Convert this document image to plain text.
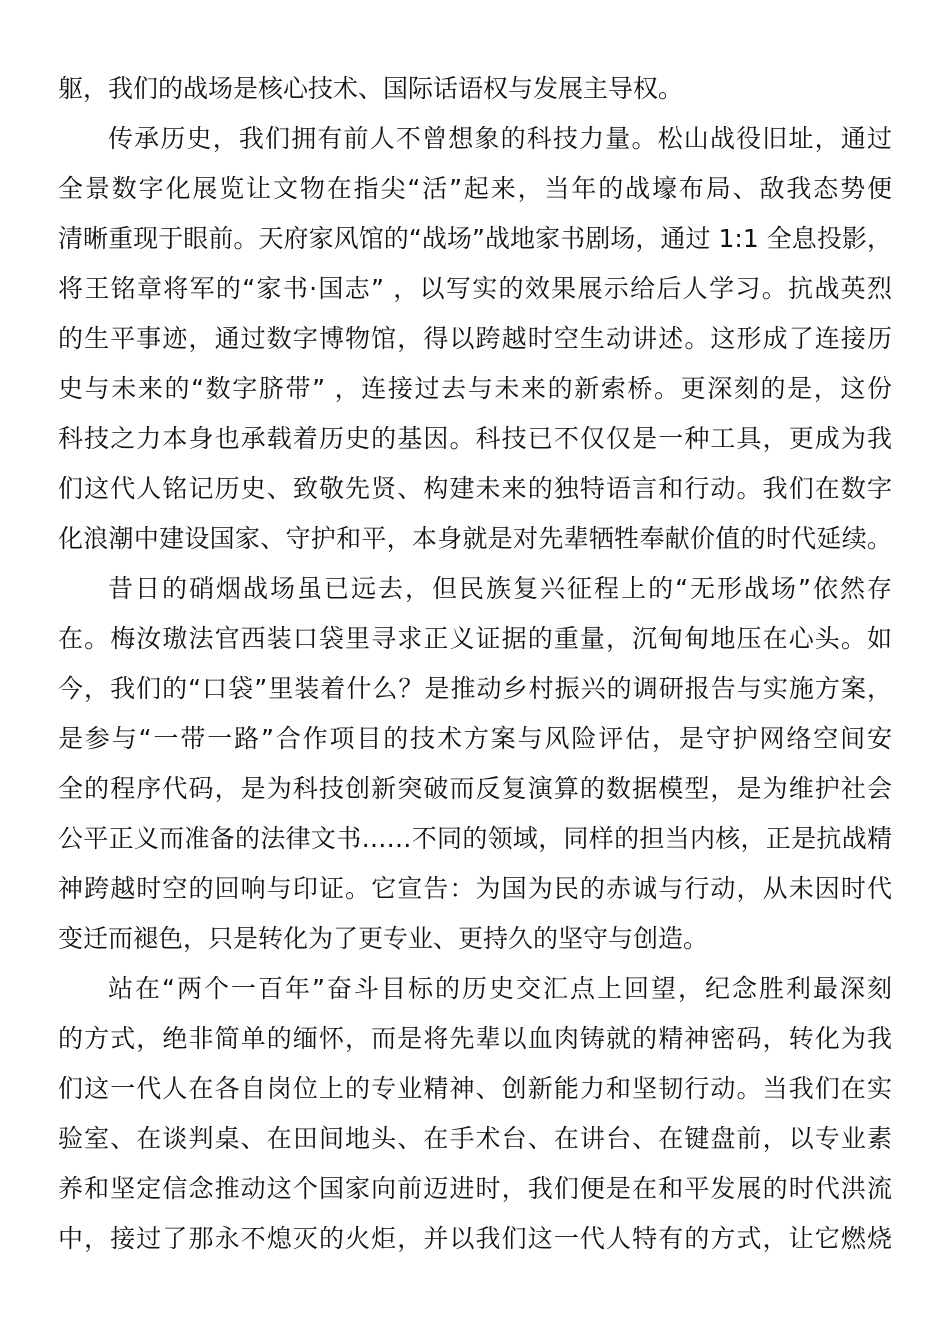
躯，我们的战场是核心技术、国际话语权与发展主导权。
传承历史，我们拥有前人不曾想象的科技力量。松山战役旧址，通过
全景数字化展览让文物在指尖“活”起来，当年的战壕布局、敌我态势便
清晰重现于眼前。天府家风馆的“战场”战地家书剧场，通过 1:1 全息投影，
将王铭章将军的“家书·国志” ，以写实的效果展示给后人学习。抗战英烈
的生平事迹，通过数字博物馆，得以跨越时空生动讲述。这形成了连接历
史与未来的“数字脐带” ，连接过去与未来的新索桥。更深刻的是，这份
科技之力本身也承载着历史的基因。科技已不仅仅是一种工具，更成为我
们这代人铭记历史、致敬先贤、构建未来的独特语言和行动。我们在数字
化浪潮中建设国家、守护和平，本身就是对先辈牺牲奉献价值的时代延续。
昔日的硝烟战场虽已远去，但民族复兴征程上的“无形战场”依然存
在。梅汝璈法官西装口袋里寻求正义证据的重量，沉甸甸地压在心头。如
今，我们的“口袋”里装着什么？是推动乡村振兴的调研报告与实施方案，
是参与“一带一路”合作项目的技术方案与风险评估，是守护网络空间安
全的程序代码，是为科技创新突破而反复演算的数据模型，是为维护社会
公平正义而准备的法律文书……不同的领域，同样的担当内核，正是抗战精
神跨越时空的回响与印证。它宣告：为国为民的赤诚与行动，从未因时代
变迁而褪色，只是转化为了更专业、更持久的坚守与创造。
站在“两个一百年”奋斗目标的历史交汇点上回望，纪念胜利最深刻
的方式，绝非简单的缅怀，而是将先辈以血肉铸就的精神密码，转化为我
们这一代人在各自岗位上的专业精神、创新能力和坚韧行动。当我们在实
验室、在谈判桌、在田间地头、在手术台、在讲台、在键盘前，以专业素
养和坚定信念推动这个国家向前迈进时，我们便是在和平发展的时代洪流
中，接过了那永不熄灭的火炬，并以我们这一代人特有的方式，让它燃烧
